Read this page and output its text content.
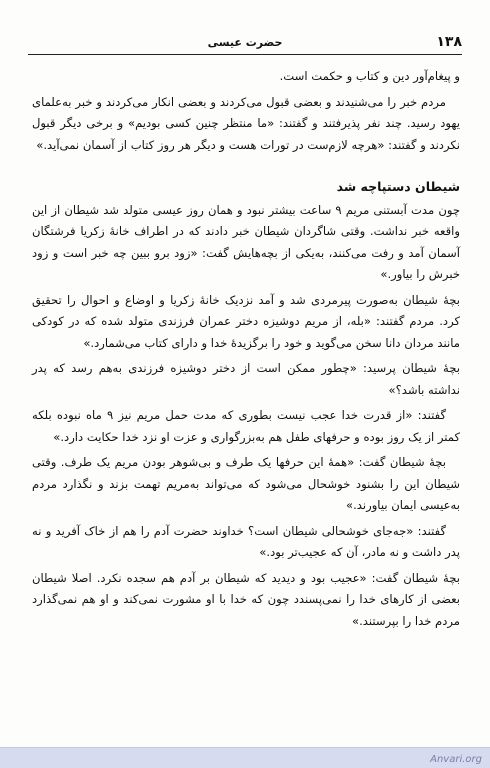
۱۳۸
حضرت عیسی

و پیغام‌آور دین و کتاب و حکمت است.

مردم خبر را می‌شنیدند و بعضی قبول می‌کردند و بعضی انکار می‌کردند و خبر به‌علمای یهود رسید. چند نفر پذیرفتند و گفتند: «ما منتظر چنین کسی بودیم» و برخی دیگر قبول نکردند و گفتند: «هرچه لازم‌ست در تورات هست و دیگر هر روز کتاب از آسمان نمی‌آید.»

شیطان دستپاچه شد

چون مدت آبستنی مریم ۹ ساعت بیشتر نبود و همان روز عیسی متولد شد شیطان از این واقعه خبر نداشت. وقتی شاگردان شیطان خبر دادند که در اطراف خانهٔ زکریا فرشتگان آسمان آمد و رفت می‌کنند، به‌یکی از بچه‌هایش گفت: «زود برو ببین چه خبر است و زود خبرش را بیاور.»

بچهٔ شیطان به‌صورت پیرمردی شد و آمد نزدیک خانهٔ زکریا و اوضاع و احوال را تحقیق کرد. مردم گفتند: «بله، از مریم دوشیزه دختر عمران فرزندی متولد شده که در کودکی مانند مردان دانا سخن می‌گوید و خود را برگزیدهٔ خدا و دارای کتاب می‌شمارد.»

بچهٔ شیطان پرسید: «چطور ممکن است از دختر دوشیزه فرزندی به‌هم رسد که پدر نداشته باشد؟»

گفتند: «از قدرت خدا عجب نیست بطوری که مدت حمل مریم نیز ۹ ماه نبوده بلکه کمتر از یک روز بوده و حرفهای طفل هم به‌بزرگواری و عزت او نزد خدا حکایت دارد.»

بچهٔ شیطان گفت: «همهٔ این حرفها یک طرف و بی‌شوهر بودن مریم یک طرف. وقتی شیطان این را بشنود خوشحال می‌شود که می‌تواند به‌مریم تهمت بزند و نگذارد مردم به‌عیسی ایمان بیاورند.»

گفتند: «جه‌جای خوشحالی شیطان است؟ خداوند حضرت آدم را هم از خاک آفرید و نه پدر داشت و نه مادر، آن که عجیب‌تر بود.»

بچهٔ شیطان گفت: «عجیب بود و دیدید که شیطان بر آدم هم سجده نکرد. اصلا شیطان بعضی از کارهای خدا را نمی‌پسندد چون که خدا با او مشورت نمی‌کند و او هم نمی‌گذارد مردم خدا را بپرستند.»

Anvari.org
